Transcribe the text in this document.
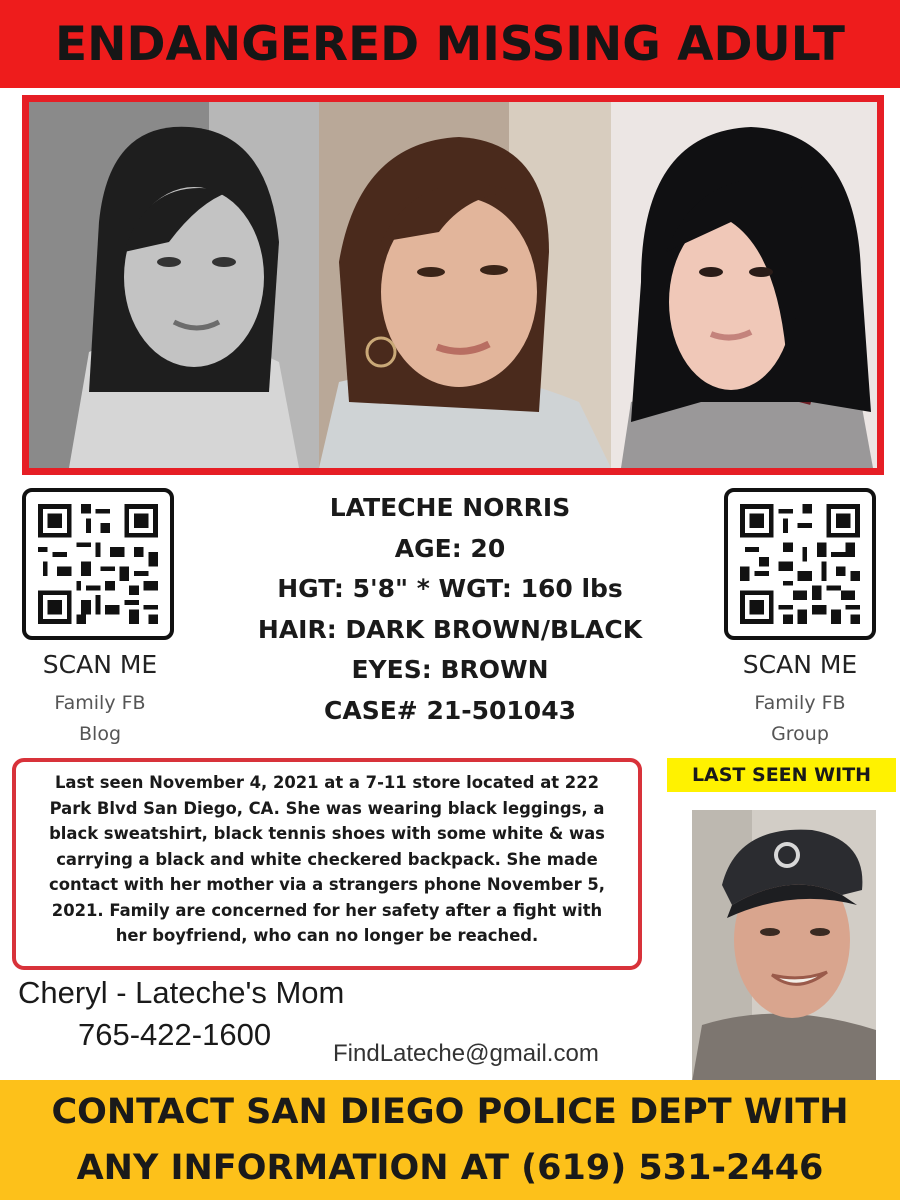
ENDANGERED MISSING ADULT
SCAN ME
Family FB
Blog
SCAN ME
Family FB
Group
LATECHE NORRIS
AGE: 20
HGT: 5'8" * WGT: 160 lbs
HAIR: DARK BROWN/BLACK
EYES: BROWN
CASE# 21-501043
Last seen November 4, 2021 at a 7-11 store located at 222
Park Blvd San Diego, CA. She was wearing black leggings, a
black sweatshirt, black tennis shoes with some white & was
carrying a black and white checkered backpack. She made
contact with her mother via a strangers phone November 5,
2021. Family are concerned for her safety after a fight with
her boyfriend, who can no longer be reached.
LAST SEEN WITH
Cheryl - Lateche's Mom
765-422-1600
FindLateche@gmail.com
CONTACT SAN DIEGO POLICE DEPT WITH
ANY INFORMATION AT (619) 531-2446
